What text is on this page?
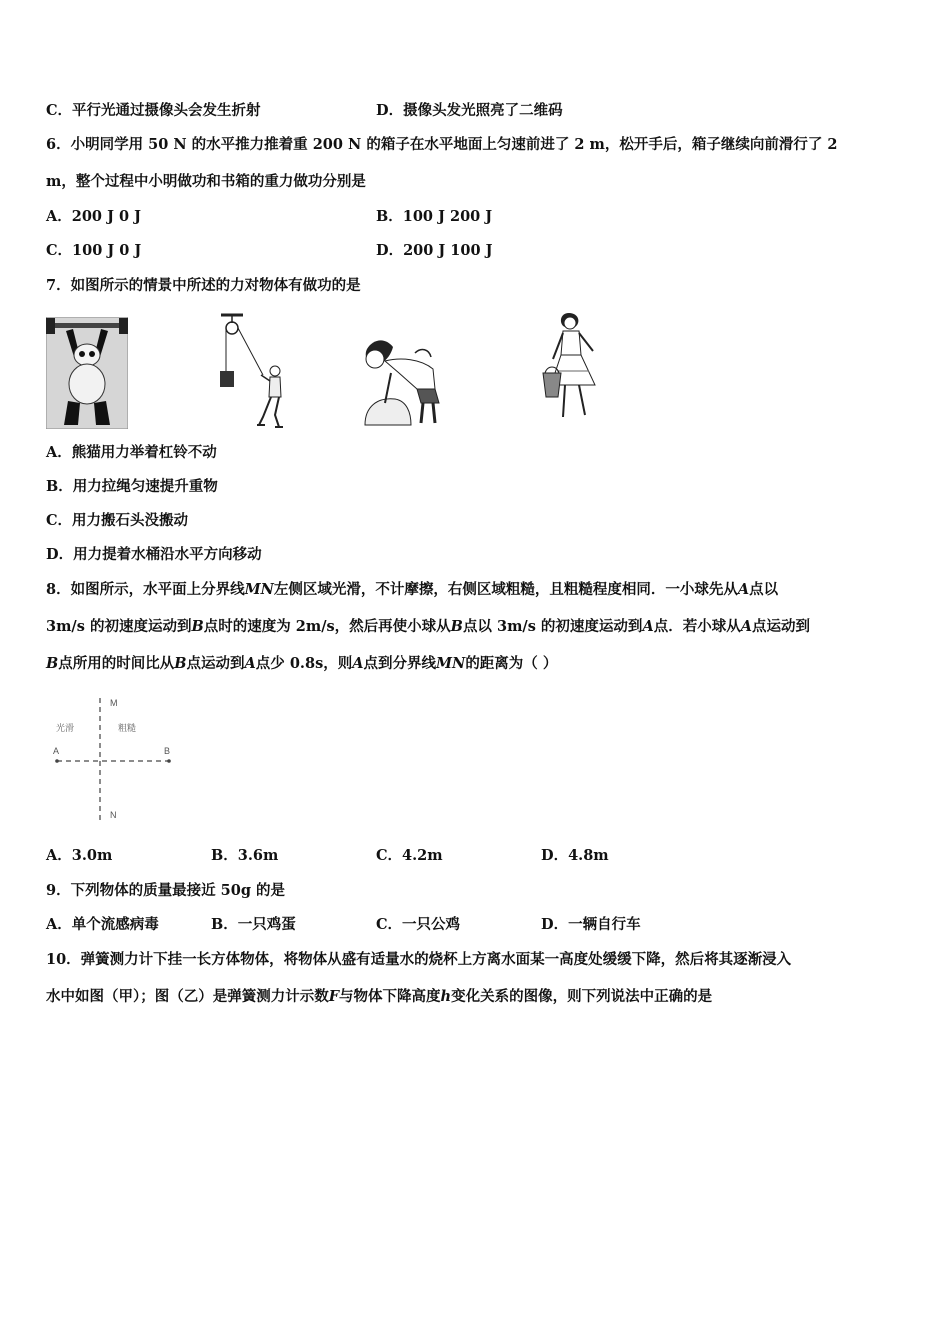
C．平行光通过摄像头会发生折射	D．摄像头发光照亮了二维码
6．小明同学用 50 N 的水平推力推着重 200 N 的箱子在水平地面上匀速前进了 2 m，松开手后，箱子继续向前滑行了 2
m，整个过程中小明做功和书箱的重力做功分别是
A．200 J 0 J	B．100 J 200 J
C．100 J 0 J	D．200 J 100 J
7．如图所示的情景中所述的力对物体有做功的是
A．熊猫用力举着杠铃不动
B．用力拉绳匀速提升重物
C．用力搬石头没搬动
D．用力提着水桶沿水平方向移动
8．如图所示，水平面上分界线MN左侧区域光滑，不计摩擦，右侧区域粗糙，且粗糙程度相同．一小球先从A点以
3m/s 的初速度运动到B点时的速度为 2m/s，然后再使小球从B点以 3m/s 的初速度运动到A点．若小球从A点运动到
B点所用的时间比从B点运动到A点少 0.8s，则A点到分界线MN的距离为（ ）
M
N
光滑	粗糙
A	B
A．3.0m	B．3.6m	C．4.2m	D．4.8m
9．下列物体的质量最接近 50g 的是
A．单个流感病毒	B．一只鸡蛋	C．一只公鸡	D．一辆自行车
10．弹簧测力计下挂一长方体物体，将物体从盛有适量水的烧杯上方离水面某一高度处缓缓下降，然后将其逐渐浸入
水中如图（甲）；图（乙）是弹簧测力计示数F与物体下降高度h变化关系的图像，则下列说法中正确的是
